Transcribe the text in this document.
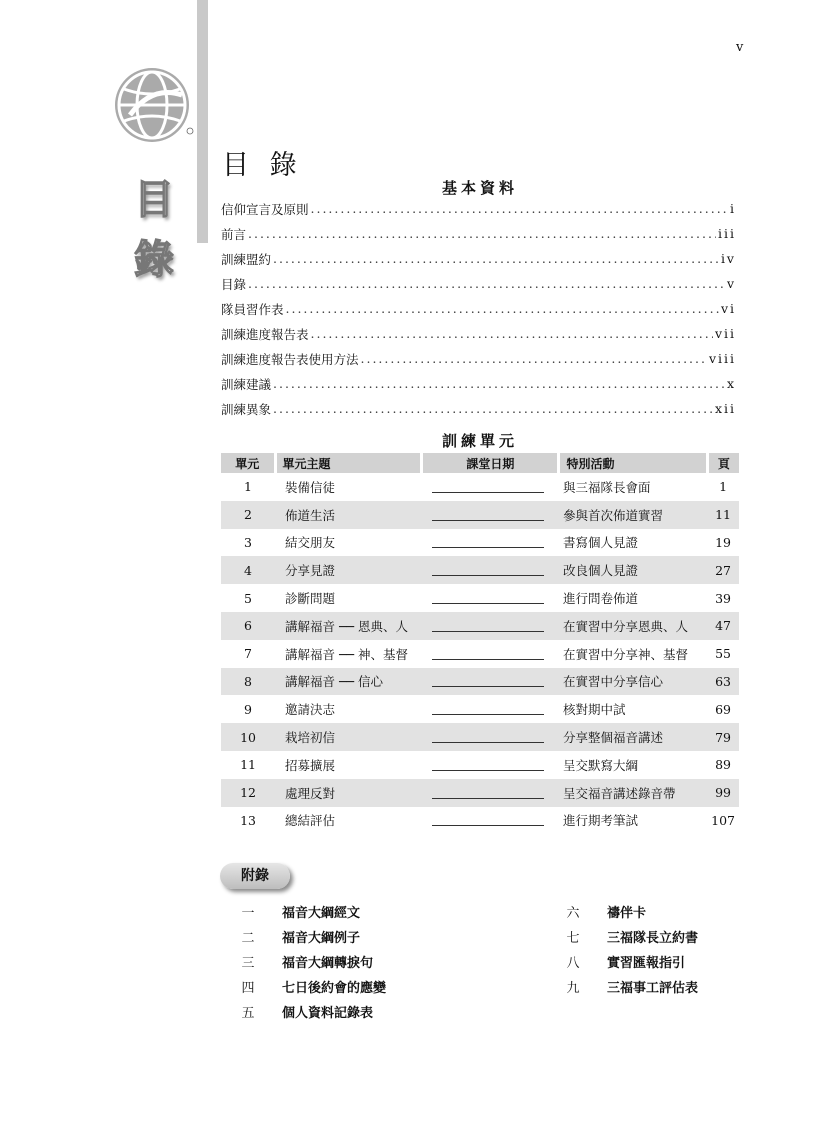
目
錄
v
目 錄
基本資料
信仰宣言及原則 .....	i
前言 .....	iii
訓練盟約 .....	iv
目錄 .....	v
隊員習作表 .....	vi
訓練進度報告表 .....	vii
訓練進度報告表使用方法 .....	viii
訓練建議 .....	x
訓練異象 .....	xii
訓練單元
單元	單元主題	課堂日期	特別活動	頁
1	裝備信徒		與三福隊長會面	1
2	佈道生活		參與首次佈道實習	11
3	結交朋友		書寫個人見證	19
4	分享見證		改良個人見證	27
5	診斷問題		進行問卷佈道	39
6	講解福音 ── 恩典、人		在實習中分享恩典、人	47
7	講解福音 ── 神、基督		在實習中分享神、基督	55
8	講解福音 ── 信心		在實習中分享信心	63
9	邀請決志		核對期中試	69
10	栽培初信		分享整個福音講述	79
11	招募擴展		呈交默寫大綱	89
12	處理反對		呈交福音講述錄音帶	99
13	總結評估		進行期考筆試	107
附錄
一	福音大綱經文
二	福音大綱例子
三	福音大綱轉捩句
四	七日後約會的應變
五	個人資料記錄表
六	禱伴卡
七	三福隊長立約書
八	實習匯報指引
九	三福事工評估表
